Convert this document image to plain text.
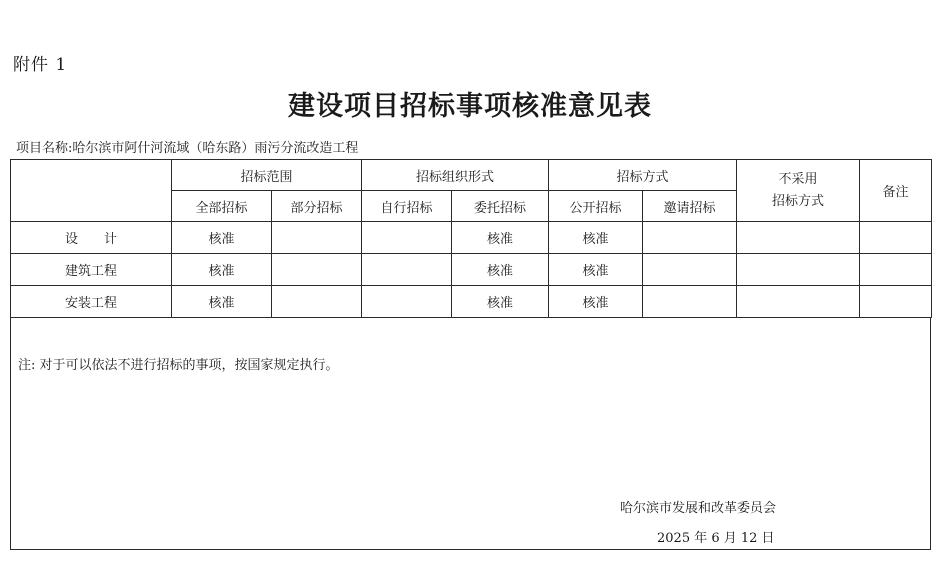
附件 1
建设项目招标事项核准意见表
项目名称:哈尔滨市阿什河流域（哈东路）雨污分流改造工程
	招标范围		招标组织形式		招标方式		不采用
招标方式	备注
	全部招标	部分招标	自行招标	委托招标	公开招标	邀请招标		
设　　计	核准			核准	核准			
建筑工程	核准			核准	核准			
安装工程	核准			核准	核准			
注: 对于可以依法不进行招标的事项，按国家规定执行。
哈尔滨市发展和改革委员会
2025 年 6 月 12 日
